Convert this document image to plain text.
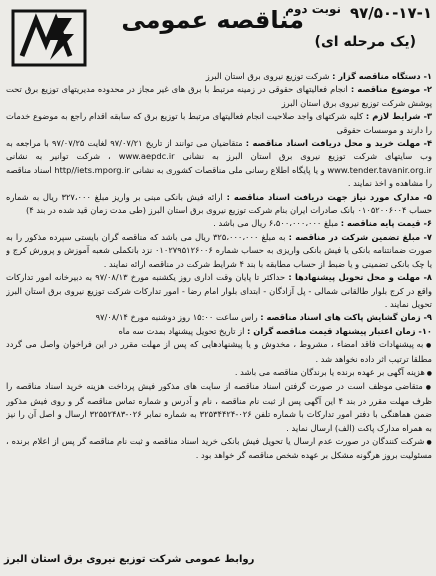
مناقصه عمومی
نوبت دوم ۹۷/۵۰-۱۷-۱
(یک مرحله ای)

۱- دستگاه مناقصه گزار : شرکت توزیع نیروی برق استان البرز

۲- موضوع مناقصه : انجام فعالیتهای حقوقی در زمینه مرتبط با برق های غیر مجاز در محدوده مدیریتهای توزیع برق تحت پوشش شرکت توزیع نیروی برق استان البرز

۳- شرایط لازم : کلیه شرکتهای واجد صلاحیت انجام فعالیتهای مرتبط با توزیع برق که سابقه اقدام راجع به موضوع خدمات را دارند و موسسات حقوقی

۴- مهلت خرید و محل دریافت اسناد مناقصه : متقاضیان می توانند از تاریخ ۹۷/۰۷/۲۱ لغایت ۹۷/۰۷/۲۵ با مراجعه به وب سایتهای شرکت توزیع نیروی برق استان البرز به نشانی www.aepdc.ir ، شرکت توانیر به نشانی www.tender.tavanir.org.ir و یا پایگاه اطلاع رسانی ملی مناقصات کشوری به نشانی http//iets.mporg.ir اسناد مناقصه را مشاهده و اخذ نمایند .

۵- مدارک مورد نیاز جهت دریافت اسناد مناقصه : ارائه فیش بانکی مبنی بر واریز مبلغ ۳۲۷،۰۰۰ ریال به شماره حساب ۰۱۰۵۲۰۰۶۰۰۴ بانک صادرات ایران بنام شرکت توزیع نیروی برق استان البرز (طی مدت زمان قید شده در بند ۴)

۶- قیمت پایه مناقصه : مبلغ ۶،۵۰۰،۰۰۰،۰۰۰ ریال می باشد .

۷- مبلغ تضمین شرکت در مناقصه : به مبلغ ۳۲۵،۰۰۰،۰۰۰ ریال می باشد که مناقصه گران بایستی سپرده مذکور را به صورت ضمانتنامه بانکی یا فیش بانکی واریزی به حساب شماره ۰۱۰۲۷۹۵۱۲۶۰۰۶ نزد بانکملی شعبه آموزش و پرورش کرج و یا چک بانکی تضمینی و یا ضبط از حساب مطابقه با بند ۴ شرایط شرکت در مناقصه ارائه نمایند .

۸- مهلت و محل تحویل پیشنهادها : حداکثر تا پایان وقت اداری روز یکشنبه مورخ ۹۷/۰۸/۱۳ به دبیرخانه امور تدارکات واقع در کرج بلوار طالقانی شمالی - پل آزادگان - ابتدای بلوار امام رضا - امور تدارکات شرکت توزیع نیروی برق استان البرز تحویل نمایند .

۹- زمان گشایش پاکت های اسناد مناقصه : راس ساعت ۱۵:۰۰ روز دوشنبه مورخ ۹۷/۰۸/۱۴

۱۰- زمان اعتبار پیشنهاد قیمت مناقصه گران : از تاریخ تحویل پیشنهاد بمدت سه ماه

● به پیشنهادات فاقد امضاء ، مشروط ، مخدوش و یا پیشنهادهایی که پس از مهلت مقرر در این فراخوان واصل می گردد مطلقا ترتیب اثر داده نخواهد شد .

● هزینه آگهی بر عهده برنده یا برندگان مناقصه می باشد .

● متقاضی موظف است در صورت گرفتن اسناد مناقصه از سایت های مذکور فیش پرداخت هزینه خرید اسناد مناقصه را ظرف مهلت مقرر در بند ۴ این آگهی پس از ثبت نام مناقصه ، نام و آدرس و شماره تماس مناقصه گر و روی فیش مذکور ضمن هماهنگی با دفتر امور تدارکات با شماره تلفن ۰۲۶-۳۲۵۳۴۴۲۴ به شماره نمابر ۰۲۶-۳۲۵۵۲۴۸۳ ارسال و اصل آن را نیز به همراه مدارک پاکت (الف) ارسال نماید .

● شرکت کنندگان در صورت عدم ارسال یا تحویل فیش بانکی خرید اسناد مناقصه و ثبت نام مناقصه گر پس از اعلام برنده ، مسئولیت بروز هرگونه مشکل بر عهده شخص مناقصه گر خواهد بود .

روابط عمومی شرکت توزیع نیروی برق استان البرز
